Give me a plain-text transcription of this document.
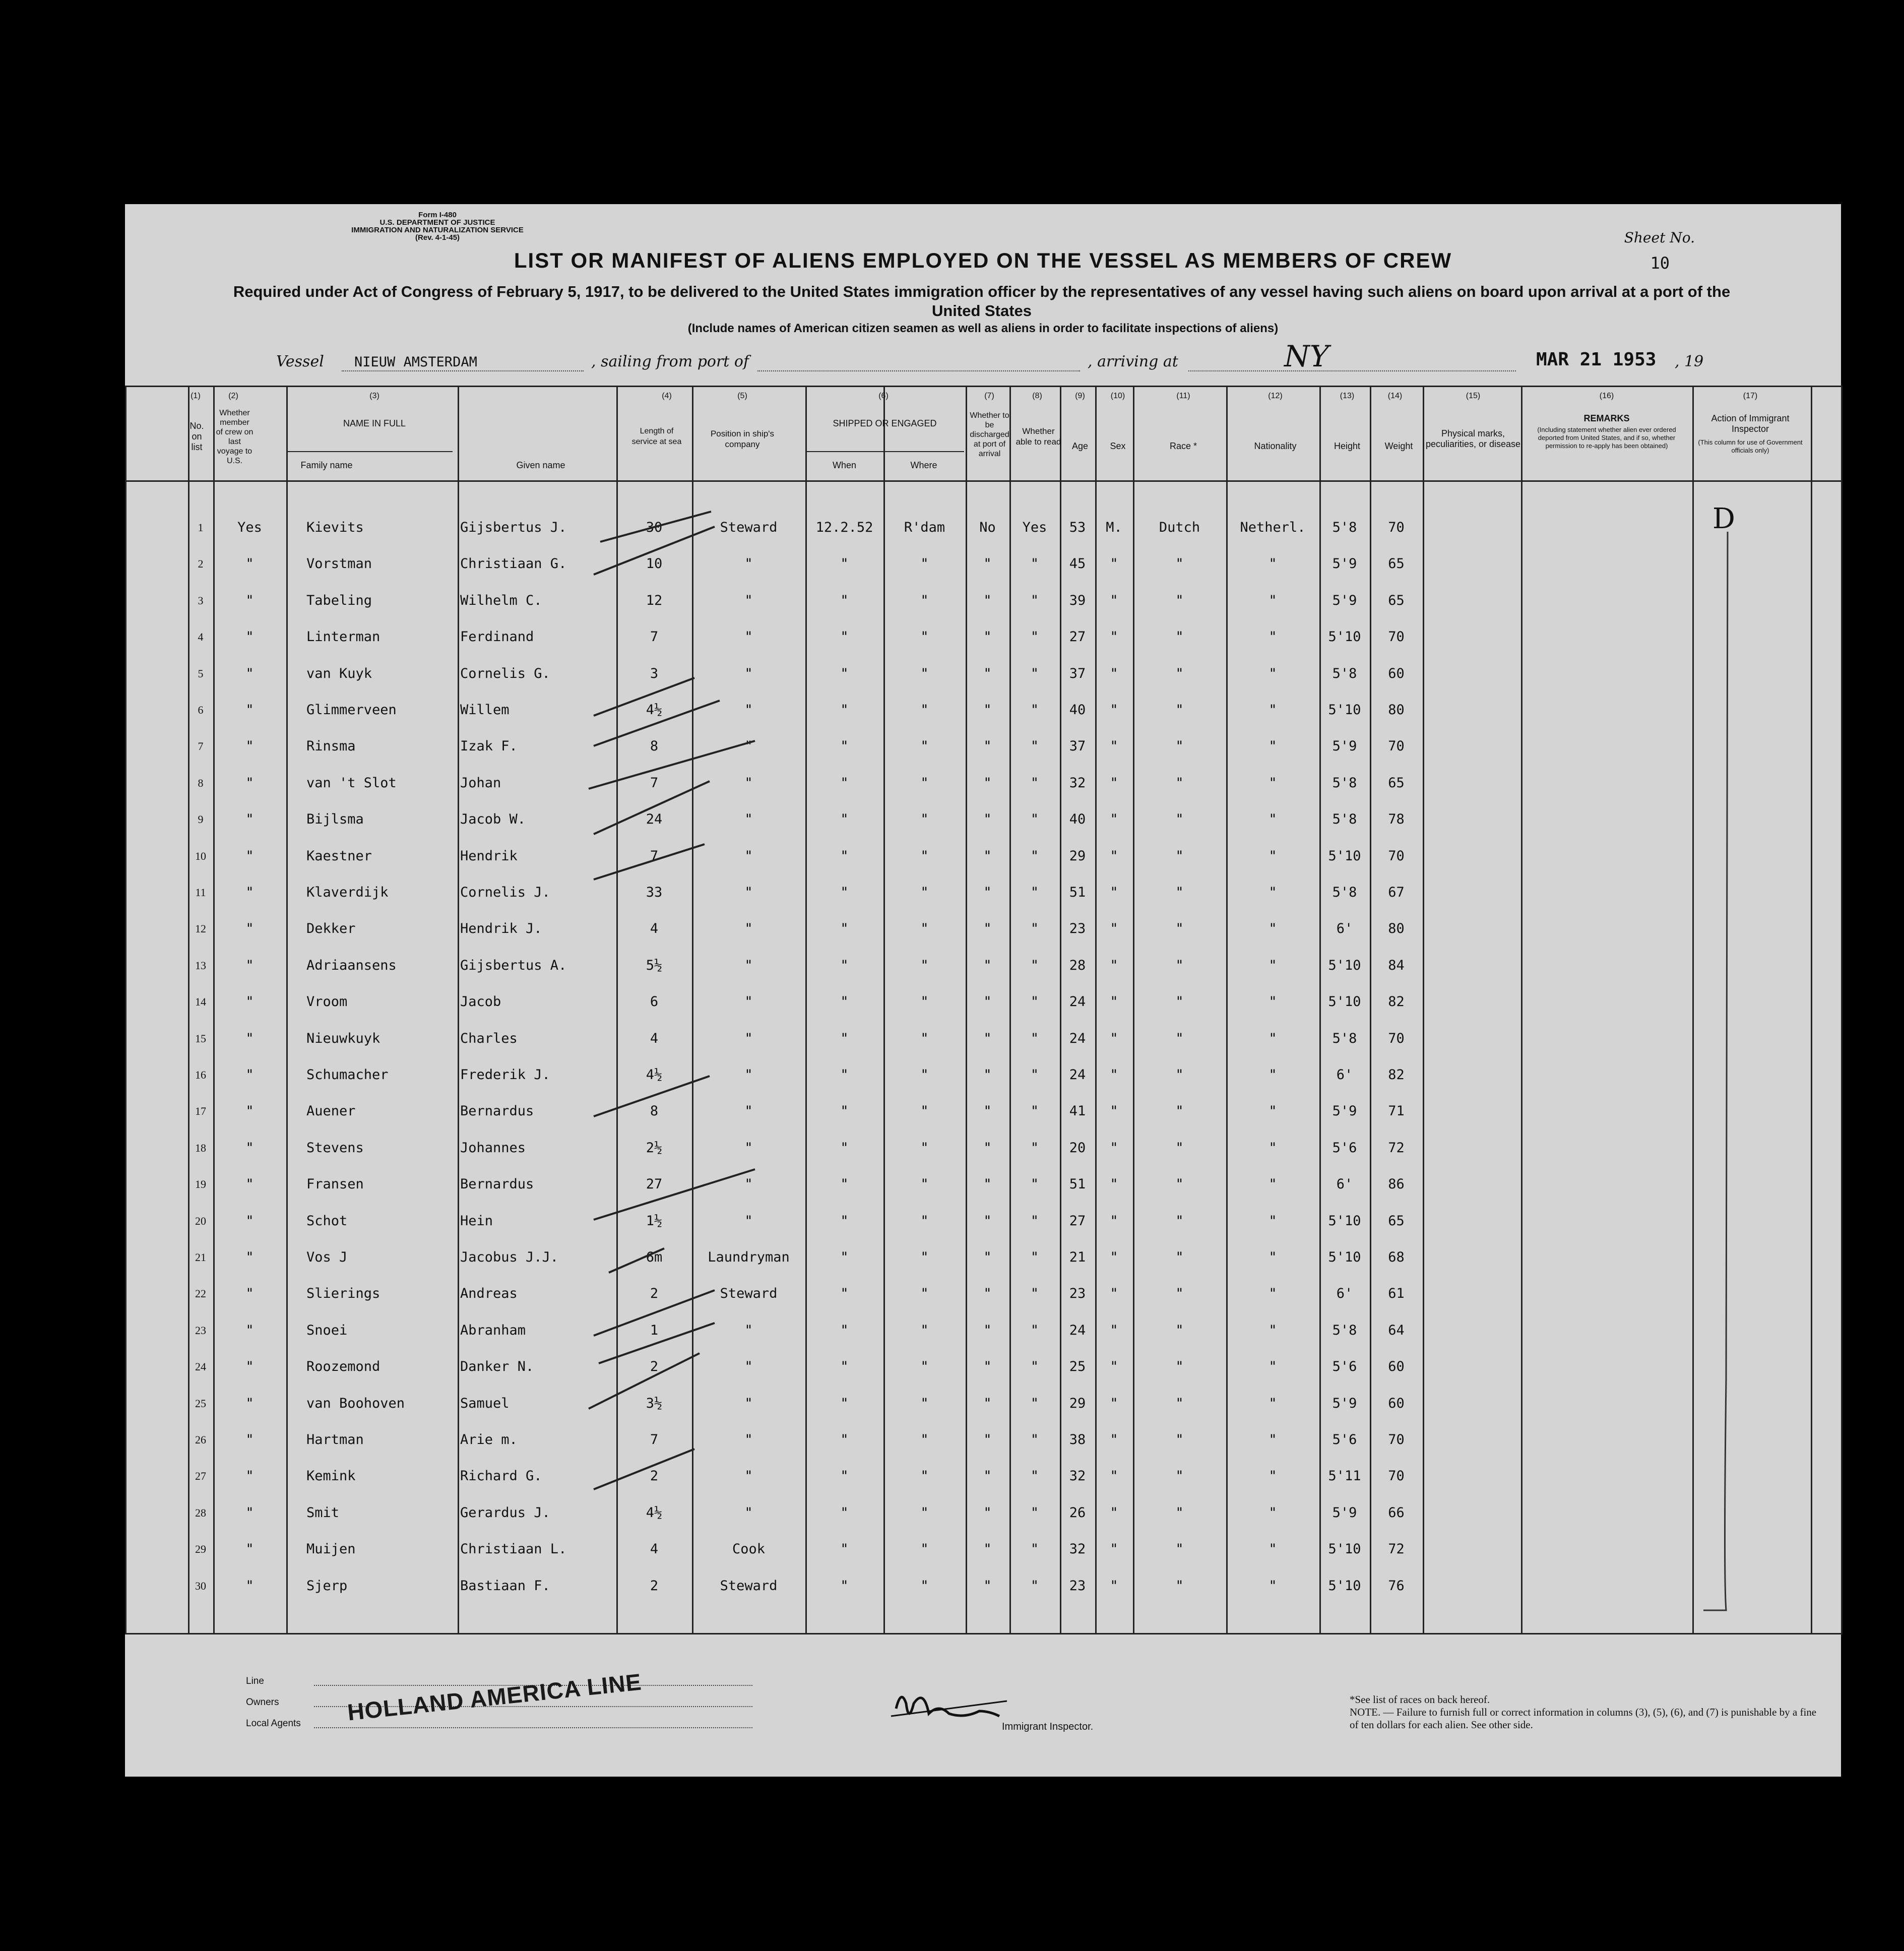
Form I-480
U.S. DEPARTMENT OF JUSTICE
IMMIGRATION AND NATURALIZATION SERVICE
(Rev. 4-1-45)	Sheet No.
10
LIST OR MANIFEST OF ALIENS EMPLOYED ON THE VESSEL AS MEMBERS OF CREW
Required under Act of Congress of February 5, 1917, to be delivered to the United States immigration officer by the representatives of any vessel having such aliens on board upon arrival at a port of the United States
(Include names of American citizen seamen as well as aliens in order to facilitate inspections of aliens)
Vessel NIEUW AMSTERDAM	, sailing from port of	, arriving at	NY	MAR 21 1953 , 19
(1)	(2)	(3)	(4)	(5)	(6)	(7)	(8)	(9)	(10)	(11)	(12)	(13)	(14)	(15)	(16)	(17)
No. on list
Whether member of crew on last voyage to U.S.
NAME IN FULL
Length of service at sea
Position in ship's company
SHIPPED OR ENGAGED
Whether to be discharged at port of arrival
Whether able to read	Age	Sex	Race *	Nationality	Height	Weight
Physical marks, peculiarities, or disease
REMARKS
(Including statement whether alien ever ordered deported from United States, and if so, whether permission to re-apply has been obtained)
Action of Immigrant Inspector
(This column for use of Government officials only)
Family name	Given name	When	Where
1	Yes	Kievits	Gijsbertus J.	30	Steward	12.2.52	R'dam	No	Yes	53	M.	Dutch	Netherl.	5'8	70
2	"	Vorstman	Christiaan G.	10	"	"	"	"	"	45	"	"	"	5'9	65
3	"	Tabeling	Wilhelm C.	12	"	"	"	"	"	39	"	"	"	5'9	65
4	"	Linterman	Ferdinand	7	"	"	"	"	"	27	"	"	"	5'10	70
5	"	van Kuyk	Cornelis G.	3	"	"	"	"	"	37	"	"	"	5'8	60
6	"	Glimmerveen	Willem	4½	"	"	"	"	"	40	"	"	"	5'10	80
7	"	Rinsma	Izak F.	8	"	"	"	"	"	37	"	"	"	5'9	70
8	"	van 't Slot	Johan	7	"	"	"	"	"	32	"	"	"	5'8	65
9	"	Bijlsma	Jacob W.	24	"	"	"	"	"	40	"	"	"	5'8	78
10	"	Kaestner	Hendrik	7	"	"	"	"	"	29	"	"	"	5'10	70
11	"	Klaverdijk	Cornelis J.	33	"	"	"	"	"	51	"	"	"	5'8	67
12	"	Dekker	Hendrik J.	4	"	"	"	"	"	23	"	"	"	6'	80
13	"	Adriaansens	Gijsbertus A.	5½	"	"	"	"	"	28	"	"	"	5'10	84
14	"	Vroom	Jacob	6	"	"	"	"	"	24	"	"	"	5'10	82
15	"	Nieuwkuyk	Charles	4	"	"	"	"	"	24	"	"	"	5'8	70
16	"	Schumacher	Frederik J.	4½	"	"	"	"	"	24	"	"	"	6'	82
17	"	Auener	Bernardus	8	"	"	"	"	"	41	"	"	"	5'9	71
18	"	Stevens	Johannes	2½	"	"	"	"	"	20	"	"	"	5'6	72
19	"	Fransen	Bernardus	27	"	"	"	"	"	51	"	"	"	6'	86
20	"	Schot	Hein	1½	"	"	"	"	"	27	"	"	"	5'10	65
21	"	Vos J	Jacobus J.J.	6m	Laundryman	"	"	"	"	21	"	"	"	5'10	68
22	"	Slierings	Andreas	2	Steward	"	"	"	"	23	"	"	"	6'	61
23	"	Snoei	Abranham	1	"	"	"	"	"	24	"	"	"	5'8	64
24	"	Roozemond	Danker N.	2	"	"	"	"	"	25	"	"	"	5'6	60
25	"	van Boohoven	Samuel	3½	"	"	"	"	"	29	"	"	"	5'9	60
26	"	Hartman	Arie m.	7	"	"	"	"	"	38	"	"	"	5'6	70
27	"	Kemink	Richard G.	2	"	"	"	"	"	32	"	"	"	5'11	70
28	"	Smit	Gerardus J.	4½	"	"	"	"	"	26	"	"	"	5'9	66
29	"	Muijen	Christiaan L.	4	Cook	"	"	"	"	32	"	"	"	5'10	72
30	"	Sjerp	Bastiaan F.	2	Steward	"	"	"	"	23	"	"	"	5'10	76
D
Line
Owners
Local Agents HOLLAND AMERICA LINE
Immigrant Inspector.
*See list of races on back hereof.
NOTE. — Failure to furnish full or correct information in columns (3), (5), (6), and (7) is punishable by a fine of ten dollars for each alien. See other side.
